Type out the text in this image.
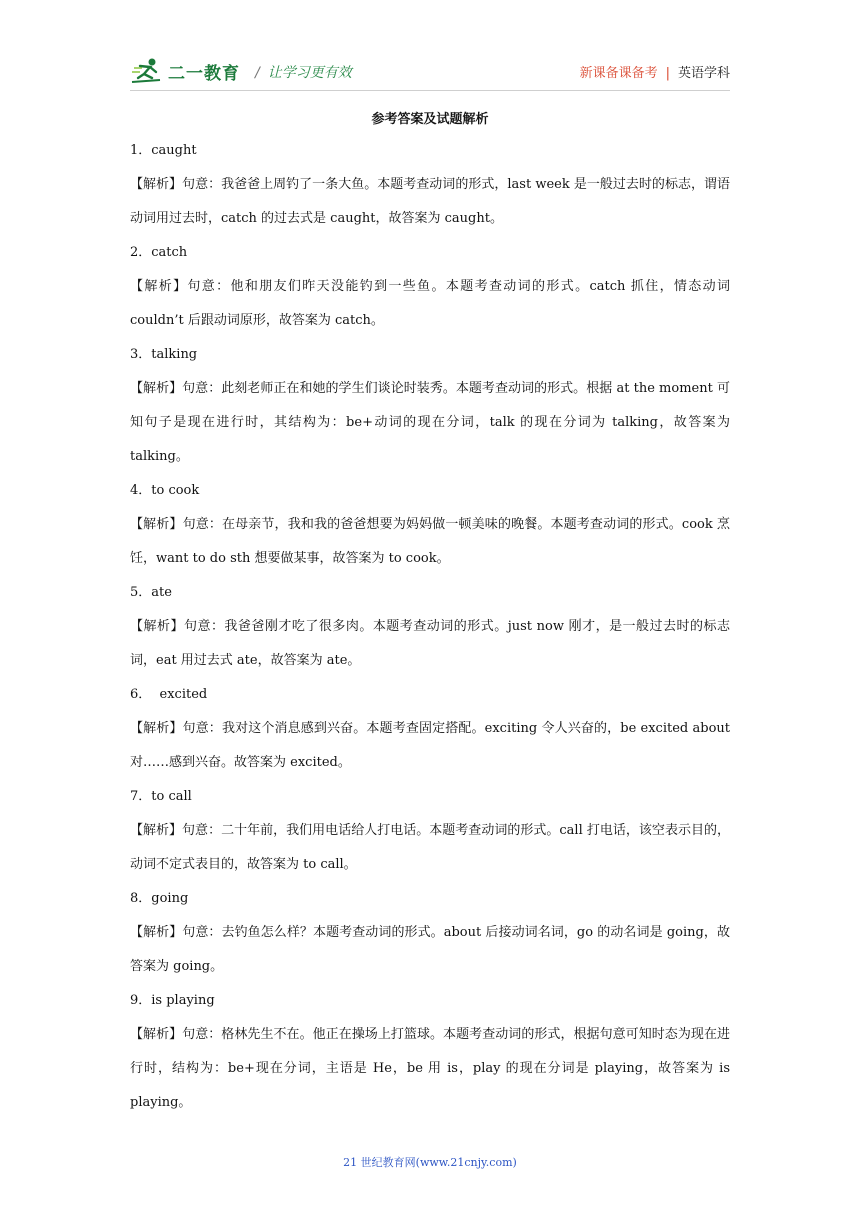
二一教育 / 让学习更有效	新课备课备考 | 英语学科
参考答案及试题解析

1．caught

【解析】句意：我爸爸上周钓了一条大鱼。本题考查动词的形式，last week 是一般过去时的标志，谓语动词用过去时，catch 的过去式是 caught，故答案为 caught。

2．catch

【解析】句意：他和朋友们昨天没能钓到一些鱼。本题考查动词的形式。catch 抓住，情态动词 couldn’t 后跟动词原形，故答案为 catch。

3．talking

【解析】句意：此刻老师正在和她的学生们谈论时装秀。本题考查动词的形式。根据 at the moment 可知句子是现在进行时，其结构为：be+动词的现在分词，talk 的现在分词为 talking，故答案为 talking。

4．to cook

【解析】句意：在母亲节，我和我的爸爸想要为妈妈做一顿美味的晚餐。本题考查动词的形式。cook 烹饪，want to do sth 想要做某事，故答案为 to cook。

5．ate

【解析】句意：我爸爸刚才吃了很多肉。本题考查动词的形式。just now 刚才，是一般过去时的标志词，eat 用过去式 ate，故答案为 ate。

6．  excited

【解析】句意：我对这个消息感到兴奋。本题考查固定搭配。exciting 令人兴奋的，be excited about 对……感到兴奋。故答案为 excited。

7．to call

【解析】句意：二十年前，我们用电话给人打电话。本题考查动词的形式。call 打电话，该空表示目的，动词不定式表目的，故答案为 to call。

8．going

【解析】句意：去钓鱼怎么样？本题考查动词的形式。about 后接动词名词，go 的动名词是 going，故答案为 going。

9．is playing

【解析】句意：格林先生不在。他正在操场上打篮球。本题考查动词的形式，根据句意可知时态为现在进行时，结构为：be+现在分词，主语是 He，be 用 is，play 的现在分词是 playing，故答案为 is playing。

21 世纪教育网(www.21cnjy.com)
